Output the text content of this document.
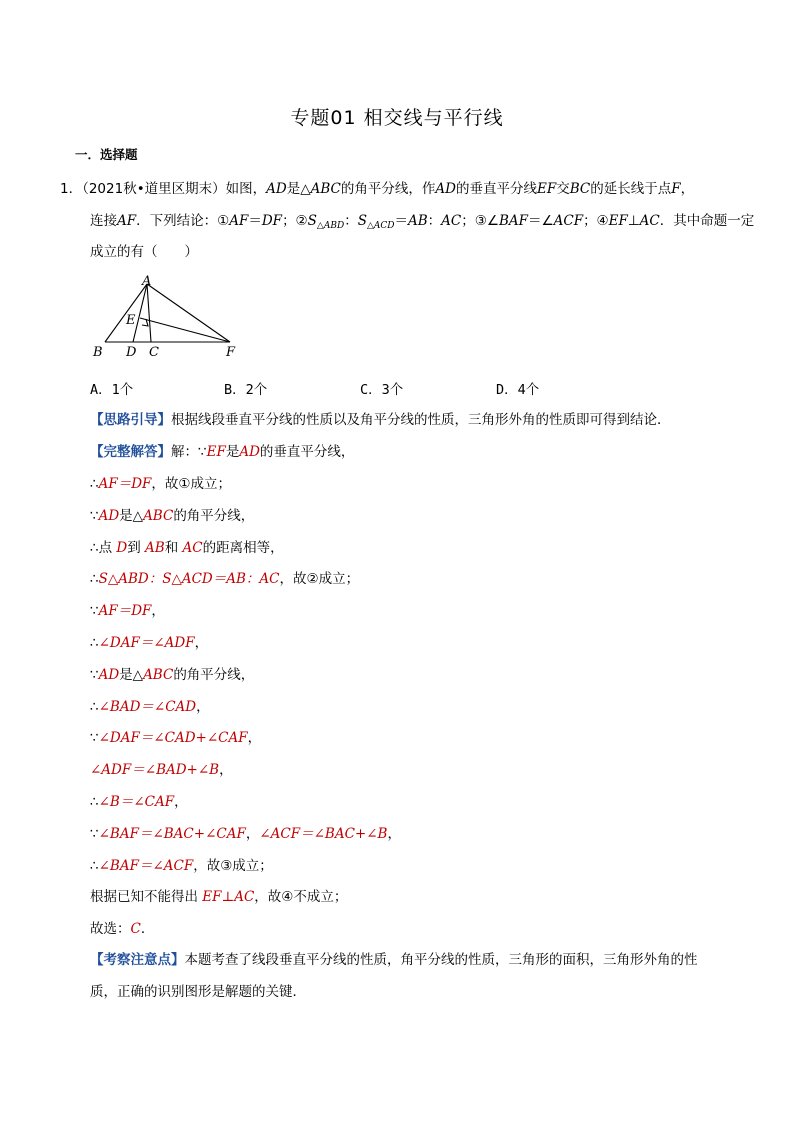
专题01 相交线与平行线
一．选择题
1．（2021秋•道里区期末）如图，AD是△ABC的角平分线，作AD的垂直平分线EF交BC的延长线于点F，
连接AF．下列结论：①AF＝DF；$②S_{\triangle ABD}$：$S_{\triangle ACD}=AB$：AC；③∠BAF＝∠ACF；④EF⊥AC．其中命题一定
成立的有（　　）
A
B D C	F
E
A．1个	B．2个	C．3个	D．4个
【思路引导】根据线段垂直平分线的性质以及角平分线的性质，三角形外角的性质即可得到结论．
【完整解答】解：∵EF是AD的垂直平分线，
∴AF＝DF，故①成立；
∵AD是△ABC的角平分线，
∴点 D到 AB和 AC的距离相等，
∴S△ABD：S△ACD＝AB：AC，故②成立；
∵AF＝DF，
∴∠DAF＝∠ADF，
∵AD是△ABC的角平分线，
∴∠BAD＝∠CAD，
∵∠DAF＝∠CAD+∠CAF，
∠ADF＝∠BAD+∠B，
∴∠B＝∠CAF，
∵∠BAF＝∠BAC+∠CAF，∠ACF＝∠BAC+∠B，
∴∠BAF＝∠ACF，故③成立；
根据已知不能得出 EF⊥AC，故④不成立；
故选：C．
【考察注意点】本题考查了线段垂直平分线的性质，角平分线的性质，三角形的面积，三角形外角的性
质，正确的识别图形是解题的关键．
